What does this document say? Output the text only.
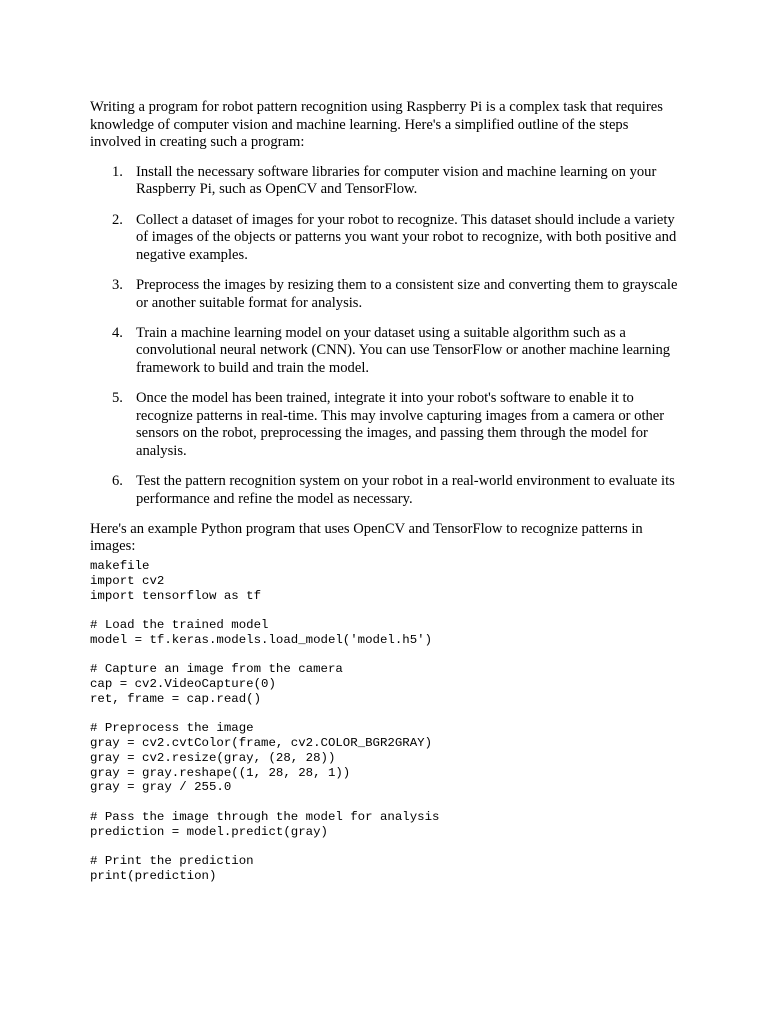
Writing a program for robot pattern recognition using Raspberry Pi is a complex task that requires knowledge of computer vision and machine learning. Here's a simplified outline of the steps involved in creating such a program:

1. Install the necessary software libraries for computer vision and machine learning on your Raspberry Pi, such as OpenCV and TensorFlow.
2. Collect a dataset of images for your robot to recognize. This dataset should include a variety of images of the objects or patterns you want your robot to recognize, with both positive and negative examples.
3. Preprocess the images by resizing them to a consistent size and converting them to grayscale or another suitable format for analysis.
4. Train a machine learning model on your dataset using a suitable algorithm such as a convolutional neural network (CNN). You can use TensorFlow or another machine learning framework to build and train the model.
5. Once the model has been trained, integrate it into your robot's software to enable it to recognize patterns in real-time. This may involve capturing images from a camera or other sensors on the robot, preprocessing the images, and passing them through the model for analysis.
6. Test the pattern recognition system on your robot in a real-world environment to evaluate its performance and refine the model as necessary.

Here's an example Python program that uses OpenCV and TensorFlow to recognize patterns in images:

makefile
import cv2
import tensorflow as tf

# Load the trained model
model = tf.keras.models.load_model('model.h5')

# Capture an image from the camera
cap = cv2.VideoCapture(0)
ret, frame = cap.read()

# Preprocess the image
gray = cv2.cvtColor(frame, cv2.COLOR_BGR2GRAY)
gray = cv2.resize(gray, (28, 28))
gray = gray.reshape((1, 28, 28, 1))
gray = gray / 255.0

# Pass the image through the model for analysis
prediction = model.predict(gray)

# Print the prediction
print(prediction)
